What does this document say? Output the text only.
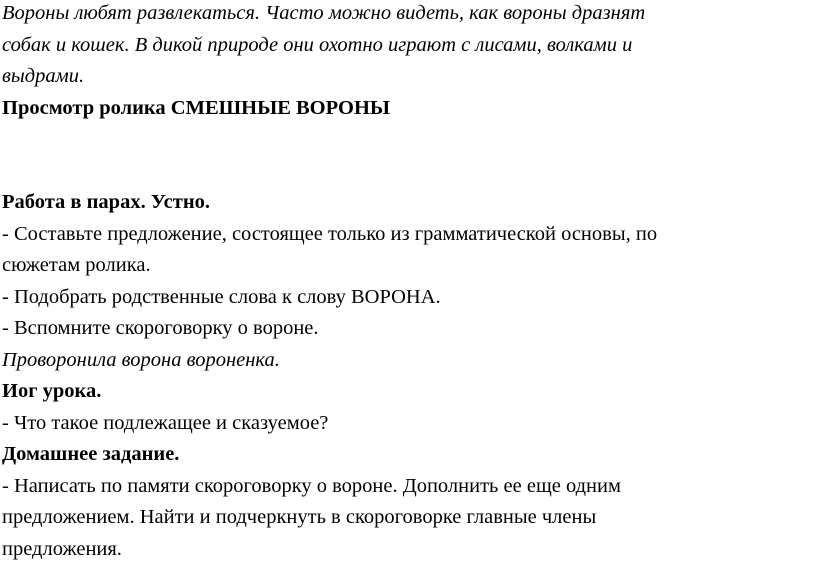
Вороны любят развлекаться. Часто можно видеть, как вороны дразнят
собак и кошек. В дикой природе они охотно играют с лисами, волками и
выдрами.
Просмотр ролика СМЕШНЫЕ ВОРОНЫ
Работа в парах. Устно.
- Составьте предложение, состоящее только из грамматической основы, по
сюжетам ролика.
- Подобрать родственные слова к слову ВОРОНА.
- Вспомните скороговорку о вороне.
Проворонила ворона вороненка.
Иог урока.
- Что такое подлежащее и сказуемое?
Домашнее задание.
- Написать по памяти скороговорку о вороне. Дополнить ее еще одним
предложением. Найти и подчеркнуть в скороговорке главные члены
предложения.
